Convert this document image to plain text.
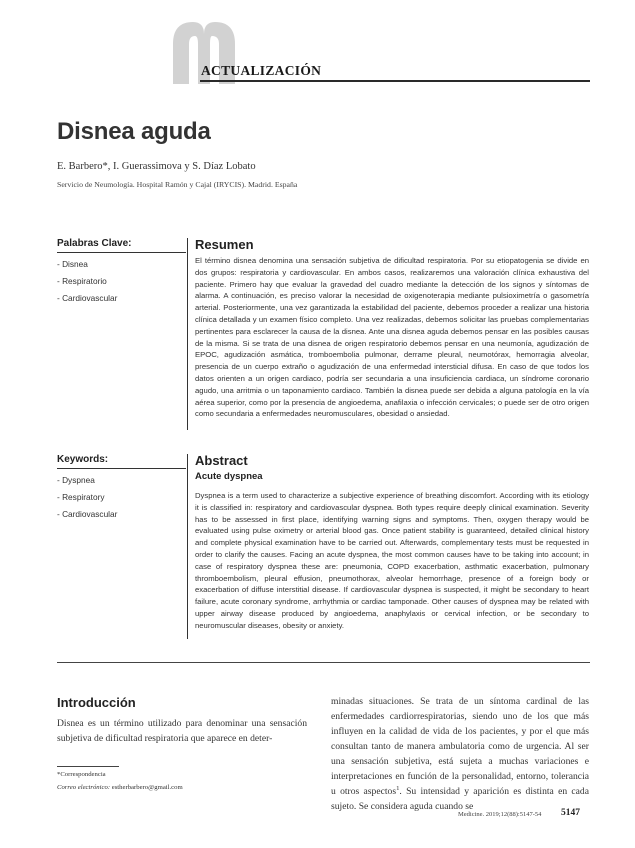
ACTUALIZACIÓN
Disnea aguda
E. Barbero*, I. Guerassimova y S. Díaz Lobato
Servicio de Neumología. Hospital Ramón y Cajal (IRYCIS). Madrid. España
Palabras Clave:
- Disnea
- Respiratorio
- Cardiovascular
Resumen
El término disnea denomina una sensación subjetiva de dificultad respiratoria. Por su etiopatogenia se divide en dos grupos: respiratoria y cardiovascular. En ambos casos, realizaremos una valoración clínica exhaustiva del paciente. Primero hay que evaluar la gravedad del cuadro mediante la detección de los signos y síntomas de alarma. A continuación, es preciso valorar la necesidad de oxigenoterapia mediante pulsioximetría o gasometría arterial. Posteriormente, una vez garantizada la estabilidad del paciente, debemos proceder a realizar una historia clínica detallada y un examen físico completo. Una vez realizadas, debemos solicitar las pruebas complementarias pertinentes para esclarecer la causa de la disnea. Ante una disnea aguda debemos pensar en las posibles causas de la misma. Si se trata de una disnea de origen respiratorio debemos pensar en una neumonía, agudización de EPOC, agudización asmática, tromboembolia pulmonar, derrame pleural, neumotórax, hemorragia alveolar, presencia de un cuerpo extraño o agudización de una enfermedad intersticial difusa. En caso de que todos los datos orienten a un origen cardiaco, podría ser secundaria a una insuficiencia cardiaca, un síndrome coronario agudo, una arritmia o un taponamiento cardiaco. También la disnea puede ser debida a alguna patología en la vía aérea superior, como por la presencia de angioedema, anafilaxia o infección cervicales; o puede ser de otro origen como secundaria a enfermedades neuromusculares, obesidad o ansiedad.
Keywords:
- Dyspnea
- Respiratory
- Cardiovascular
Abstract
Acute dyspnea
Dyspnea is a term used to characterize a subjective experience of breathing discomfort. According with its etiology it is classified in: respiratory and cardiovascular dyspnea. Both types require deeply clinical examination. Severity has to be assessed in first place, identifying warning signs and symptoms. Then, oxygen therapy would be evaluated using pulse oximetry or arterial blood gas. Once patient stability is guaranteed, detailed clinical history and complete physical examination have to be carried out. Afterwards, complementary tests must be requested in order to clarify the causes. Facing an acute dyspnea, the most common causes have to be taking into account; in case of respiratory dyspnea these are: pneumonia, COPD exacerbation, asthmatic exacerbation, pulmonary thromboembolism, pleural effusion, pneumothorax, alveolar hemorrhage, presence of a foreign body or exacerbation of diffuse interstitial disease. If cardiovascular dyspnea is suspected, it might be secondary to heart failure, acute coronary syndrome, arrhythmia or cardiac tamponade. Other causes of dyspnea may be related with upper airway disease produced by angioedema, anaphylaxis or cervical infection, or be secondary to neuromuscular diseases, obesity or anxiety.
Introducción
Disnea es un término utilizado para denominar una sensación subjetiva de dificultad respiratoria que aparece en deter-
minadas situaciones. Se trata de un síntoma cardinal de las enfermedades cardiorrespiratorias, siendo uno de los que más influyen en la calidad de vida de los pacientes, y por el que más consultan tanto de manera ambulatoria como de urgencia. Al ser una sensación subjetiva, está sujeta a muchas variaciones e interpretaciones en función de la personalidad, entorno, tolerancia u otros aspectos$^1$. Su intensidad y aparición es distinta en cada sujeto. Se considera aguda cuando se
*Correspondencia
Correo electrónico: estherbarbero@gmail.com
Medicine. 2019;12(88):5147-54 5147
